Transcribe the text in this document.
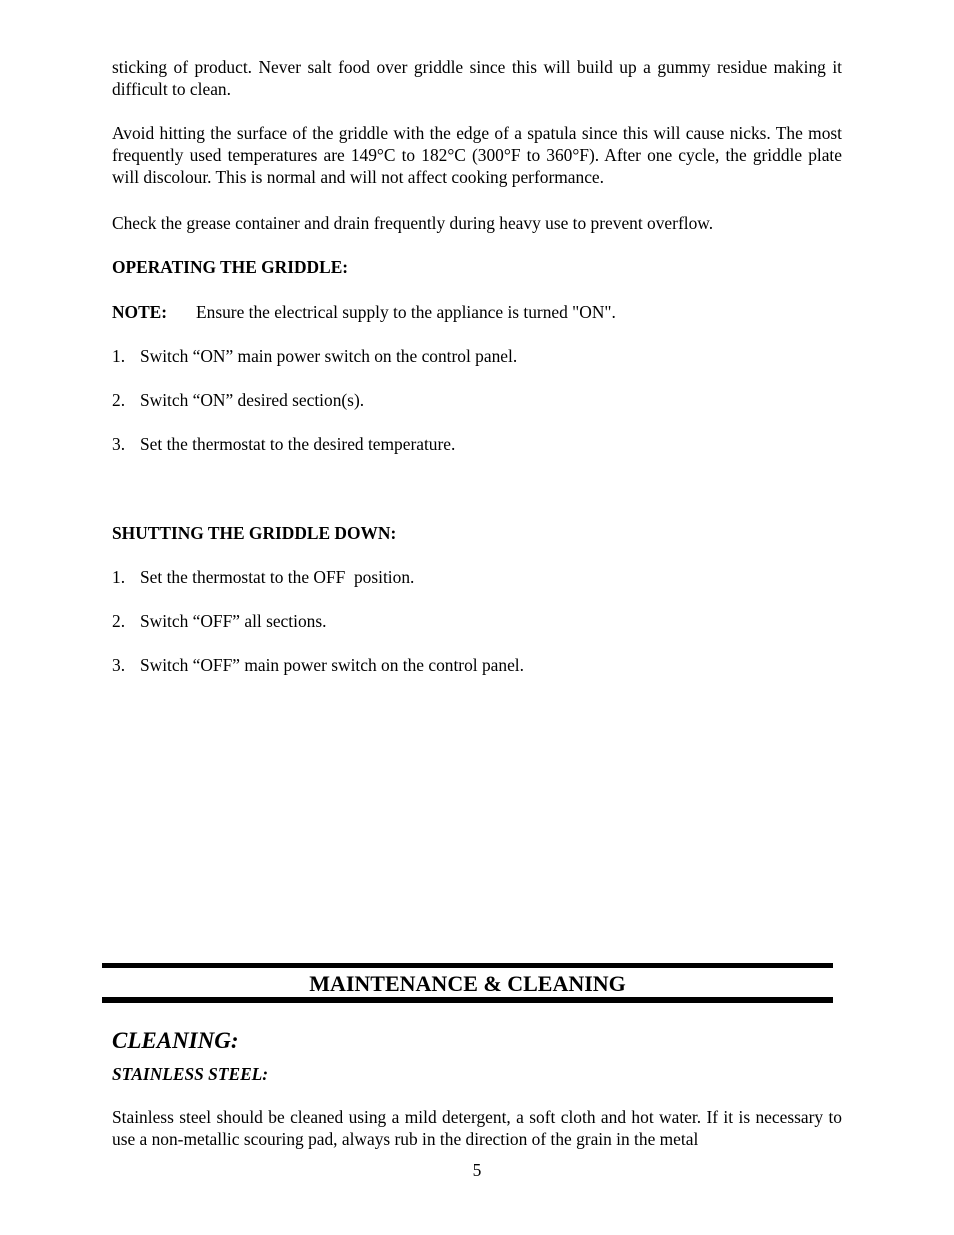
sticking of product. Never salt food over griddle since this will build up a gummy residue making it difficult to clean.

Avoid hitting the surface of the griddle with the edge of a spatula since this will cause nicks. The most frequently used temperatures are 149°C to 182°C (300°F to 360°F). After one cycle, the griddle plate will discolour. This is normal and will not affect cooking performance.

Check the grease container and drain frequently during heavy use to prevent overflow.

OPERATING THE GRIDDLE:

NOTE: Ensure the electrical supply to the appliance is turned "ON".

1. Switch “ON” main power switch on the control panel.

2. Switch “ON” desired section(s).

3. Set the thermostat to the desired temperature.

SHUTTING THE GRIDDLE DOWN:

1. Set the thermostat to the OFF  position.

2. Switch “OFF” all sections.

3. Switch “OFF” main power switch on the control panel.

MAINTENANCE & CLEANING

CLEANING:

STAINLESS STEEL:

Stainless steel should be cleaned using a mild detergent, a soft cloth and hot water. If it is necessary to use a non-metallic scouring pad, always rub in the direction of the grain in the metal

5
